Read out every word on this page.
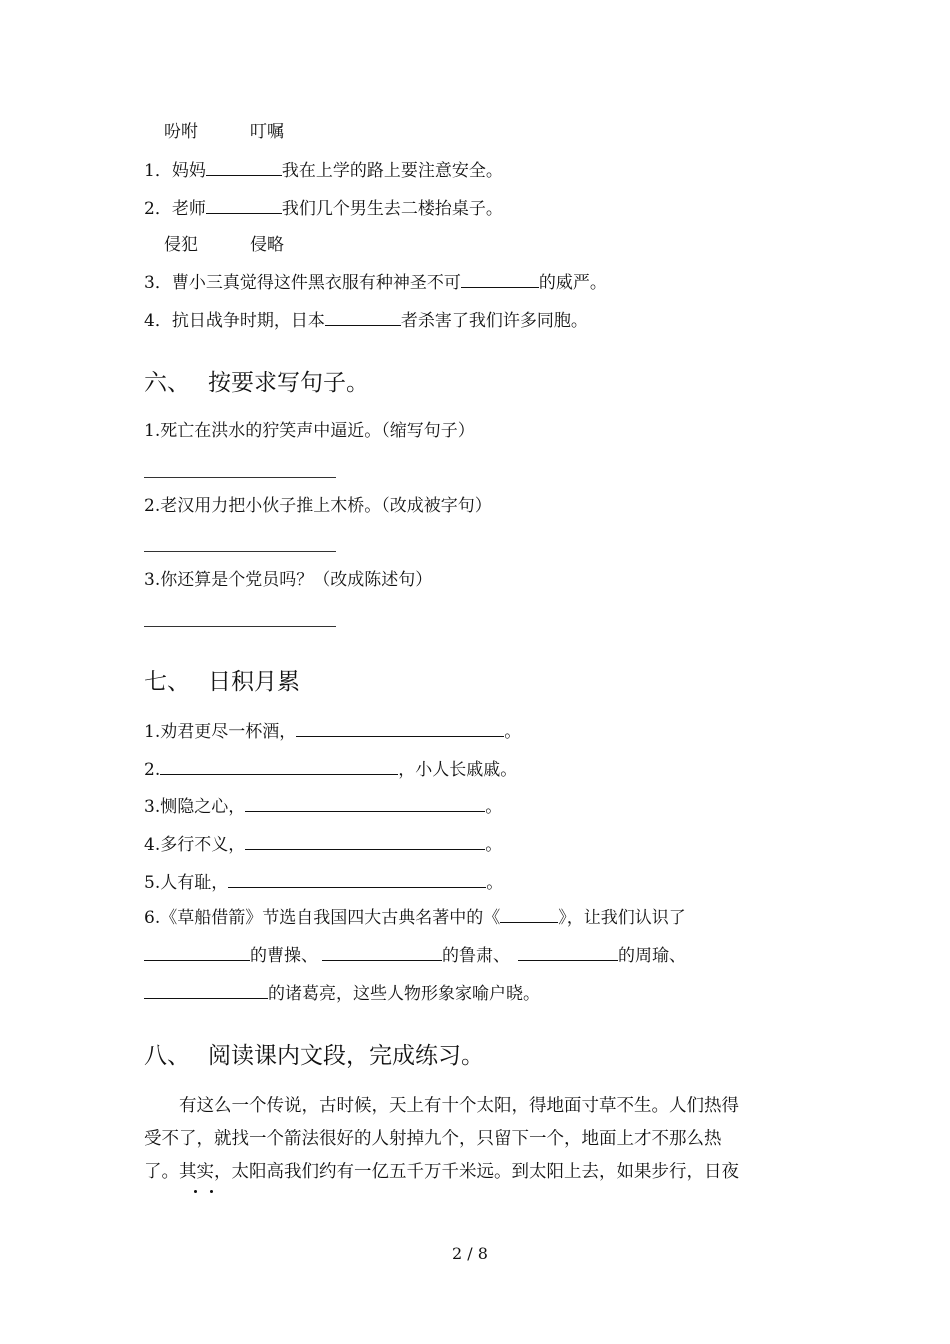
吩咐	叮嘱
1．妈妈	我在上学的路上要注意安全。
2．老师	我们几个男生去二楼抬桌子。
侵犯	侵略
3．曹小三真觉得这件黑衣服有种神圣不可	的威严。
4．抗日战争时期，日本	者杀害了我们许多同胞。
六、 按要求写句子。
1.死亡在洪水的狞笑声中逼近。（缩写句子）
2.老汉用力把小伙子推上木桥。（改成被字句）
3.你还算是个党员吗？（改成陈述句）
七、 日积月累
1.劝君更尽一杯酒，	。
2.	，小人长戚戚。
3.恻隐之心，	。
4.多行不义，	。
5.人有耻，	。
6.《草船借箭》节选自我国四大古典名著中的《	》，让我们认识了
的曹操、	的鲁肃、	的周瑜、
的诸葛亮，这些人物形象家喻户晓。
八、 阅读课内文段，完成练习。
有这么一个传说，古时候，天上有十个太阳，得地面寸草不生。人们热得
受不了，就找一个箭法很好的人射掉九个，只留下一个，地面上才不那么热
了。其实，太阳高我们约有一亿五千万千米远。到太阳上去，如果步行，日夜
2 / 8
